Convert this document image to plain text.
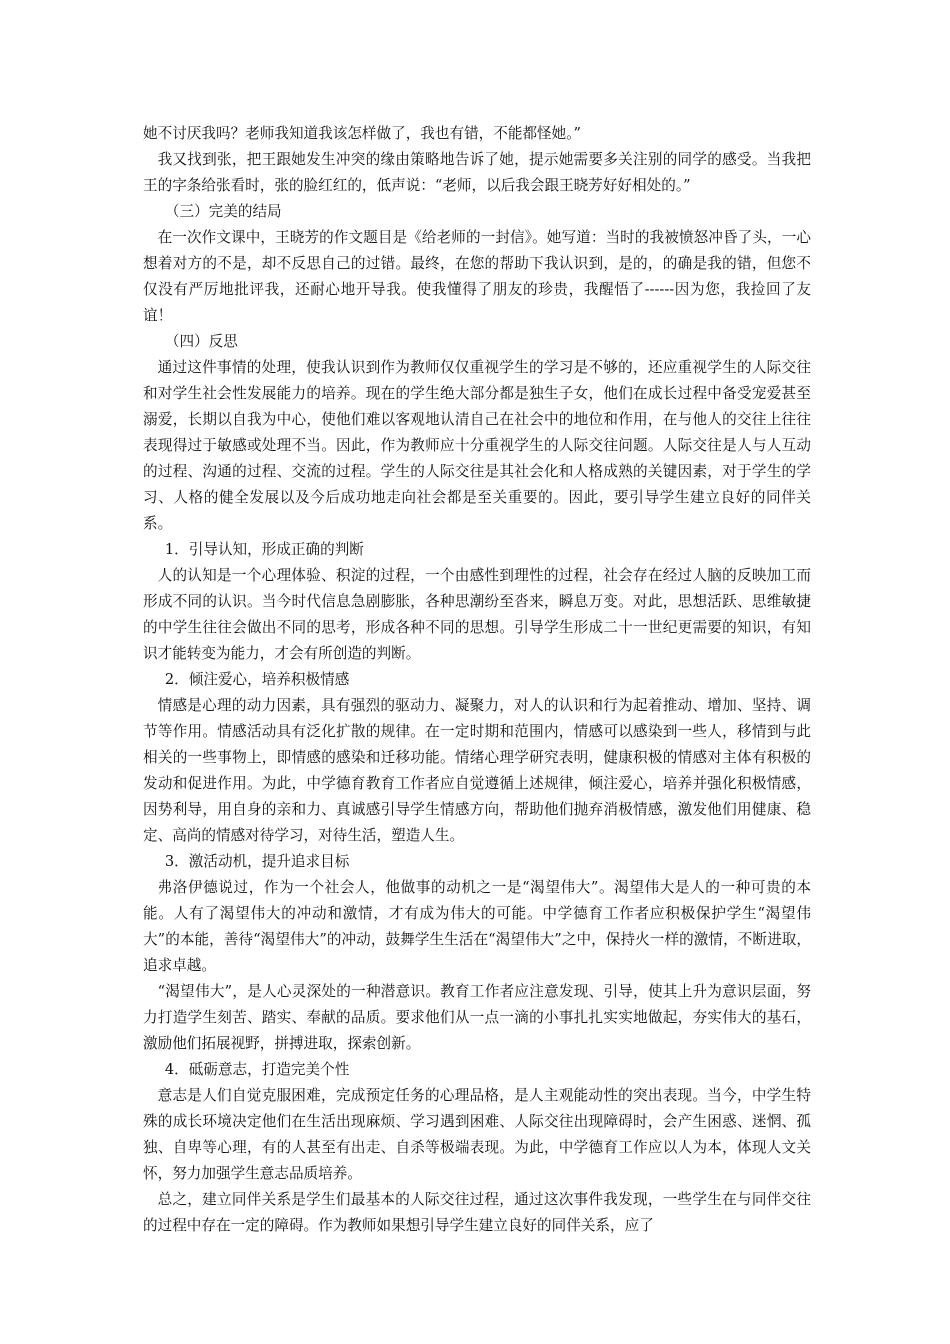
她不讨厌我吗？老师我知道我该怎样做了，我也有错，不能都怪她。”

我又找到张，把王跟她发生冲突的缘由策略地告诉了她，提示她需要多关注别的同学的感受。当我把王的字条给张看时，张的脸红红的，低声说：“老师，以后我会跟王晓芳好好相处的。”

（三）完美的结局

在一次作文课中，王晓芳的作文题目是《给老师的一封信》。她写道：当时的我被愤怒冲昏了头，一心想着对方的不是，却不反思自己的过错。最终，在您的帮助下我认识到，是的，的确是我的错，但您不仅没有严厉地批评我，还耐心地开导我。使我懂得了朋友的珍贵，我醒悟了------因为您，我捡回了友谊！

（四）反思

通过这件事情的处理，使我认识到作为教师仅仅重视学生的学习是不够的，还应重视学生的人际交往和对学生社会性发展能力的培养。现在的学生绝大部分都是独生子女，他们在成长过程中备受宠爱甚至溺爱，长期以自我为中心，使他们难以客观地认清自己在社会中的地位和作用，在与他人的交往上往往表现得过于敏感或处理不当。因此，作为教师应十分重视学生的人际交往问题。人际交往是人与人互动的过程、沟通的过程、交流的过程。学生的人际交往是其社会化和人格成熟的关键因素，对于学生的学习、人格的健全发展以及今后成功地走向社会都是至关重要的。因此，要引导学生建立良好的同伴关系。

1．引导认知，形成正确的判断

人的认知是一个心理体验、积淀的过程，一个由感性到理性的过程，社会存在经过人脑的反映加工而形成不同的认识。当今时代信息急剧膨胀，各种思潮纷至沓来，瞬息万变。对此，思想活跃、思维敏捷的中学生往往会做出不同的思考，形成各种不同的思想。引导学生形成二十一世纪更需要的知识，有知识才能转变为能力，才会有所创造的判断。

2．倾注爱心，培养积极情感

情感是心理的动力因素，具有强烈的驱动力、凝聚力，对人的认识和行为起着推动、增加、坚持、调节等作用。情感活动具有泛化扩散的规律。在一定时期和范围内，情感可以感染到一些人，移情到与此相关的一些事物上，即情感的感染和迁移功能。情绪心理学研究表明，健康积极的情感对主体有积极的发动和促进作用。为此，中学德育教育工作者应自觉遵循上述规律，倾注爱心，培养并强化积极情感，因势利导，用自身的亲和力、真诚感引导学生情感方向，帮助他们抛弃消极情感，激发他们用健康、稳定、高尚的情感对待学习，对待生活，塑造人生。

3．激活动机，提升追求目标

弗洛伊德说过，作为一个社会人，他做事的动机之一是“渴望伟大”。渴望伟大是人的一种可贵的本能。人有了渴望伟大的冲动和激情，才有成为伟大的可能。中学德育工作者应积极保护学生“渴望伟大”的本能，善待“渴望伟大”的冲动，鼓舞学生生活在“渴望伟大”之中，保持火一样的激情，不断进取，追求卓越。

“渴望伟大”，是人心灵深处的一种潜意识。教育工作者应注意发现、引导，使其上升为意识层面，努力打造学生刻苦、踏实、奉献的品质。要求他们从一点一滴的小事扎扎实实地做起，夯实伟大的基石，激励他们拓展视野，拼搏进取，探索创新。

4．砥砺意志，打造完美个性

意志是人们自觉克服困难，完成预定任务的心理品格，是人主观能动性的突出表现。当今，中学生特殊的成长环境决定他们在生活出现麻烦、学习遇到困难、人际交往出现障碍时，会产生困惑、迷惘、孤独、自卑等心理，有的人甚至有出走、自杀等极端表现。为此，中学德育工作应以人为本，体现人文关怀，努力加强学生意志品质培养。

总之，建立同伴关系是学生们最基本的人际交往过程，通过这次事件我发现，一些学生在与同伴交往的过程中存在一定的障碍。作为教师如果想引导学生建立良好的同伴关系，应了
